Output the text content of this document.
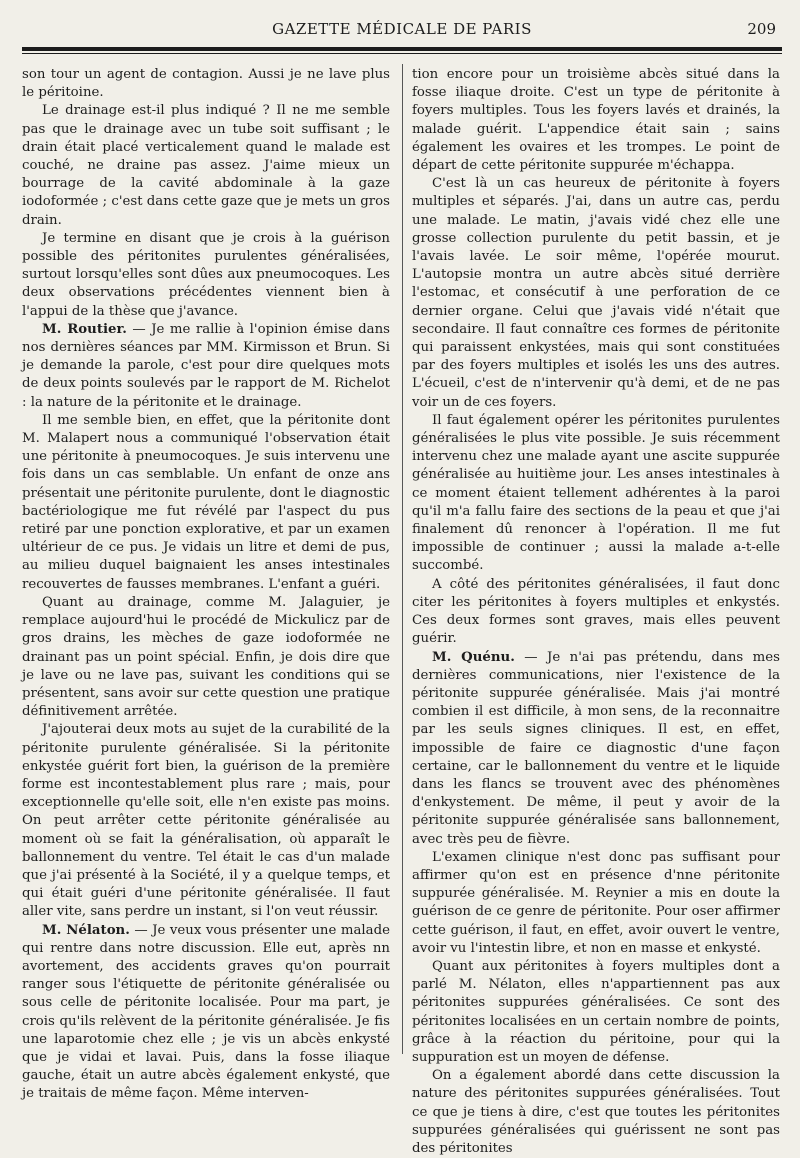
GAZETTE MÉDICALE DE PARIS	209

son tour un agent de contagion. Aussi je ne lave plus le péritoine.

Le drainage est-il plus indiqué ? Il ne me semble pas que le drainage avec un tube soit suffisant ; le drain était placé verticalement quand le malade est couché, ne draine pas assez. J'aime mieux un bourrage de la cavité abdominale à la gaze iodoformée ; c'est dans cette gaze que je mets un gros drain.

Je termine en disant que je crois à la guérison possible des péritonites purulentes généralisées, surtout lorsqu'elles sont dûes aux pneumocoques. Les deux observations précédentes viennent bien à l'appui de la thèse que j'avance.

M. Routier. — Je me rallie à l'opinion émise dans nos dernières séances par MM. Kirmisson et Brun. Si je demande la parole, c'est pour dire quelques mots de deux points soulevés par le rapport de M. Richelot : la nature de la péritonite et le drainage.

Il me semble bien, en effet, que la péritonite dont M. Malapert nous a communiqué l'observation était une péritonite à pneumocoques. Je suis intervenu une fois dans un cas semblable. Un enfant de onze ans présentait une péritonite purulente, dont le diagnostic bactériologique me fut révélé par l'aspect du pus retiré par une ponction explorative, et par un examen ultérieur de ce pus. Je vidais un litre et demi de pus, au milieu duquel baignaient les anses intestinales recouvertes de fausses membranes. L'enfant a guéri.

Quant au drainage, comme M. Jalaguier, je remplace aujourd'hui le procédé de Mickulicz par de gros drains, les mèches de gaze iodoformée ne drainant pas un point spécial. Enfin, je dois dire que je lave ou ne lave pas, suivant les conditions qui se présentent, sans avoir sur cette question une pratique définitivement arrêtée.

J'ajouterai deux mots au sujet de la curabilité de la péritonite purulente généralisée. Si la péritonite enkystée guérit fort bien, la guérison de la première forme est incontestablement plus rare ; mais, pour exceptionnelle qu'elle soit, elle n'en existe pas moins. On peut arrêter cette péritonite généralisée au moment où se fait la généralisation, où apparaît le ballonnement du ventre. Tel était le cas d'un malade que j'ai présenté à la Société, il y a quelque temps, et qui était guéri d'une péritonite généralisée. Il faut aller vite, sans perdre un instant, si l'on veut réussir.

M. Nélaton. — Je veux vous présenter une malade qui rentre dans notre discussion. Elle eut, après nn avortement, des accidents graves qu'on pourrait ranger sous l'étiquette de péritonite généralisée ou sous celle de péritonite localisée. Pour ma part, je crois qu'ils relèvent de la péritonite généralisée. Je fis une laparotomie chez elle ; je vis un abcès enkysté que je vidai et lavai. Puis, dans la fosse iliaque gauche, était un autre abcès également enkysté, que je traitais de même façon. Même interven-

tion encore pour un troisième abcès situé dans la fosse iliaque droite. C'est un type de péritonite à foyers multiples. Tous les foyers lavés et drainés, la malade guérit. L'appendice était sain ; sains également les ovaires et les trompes. Le point de départ de cette péritonite suppurée m'échappa.

C'est là un cas heureux de péritonite à foyers multiples et séparés. J'ai, dans un autre cas, perdu une malade. Le matin, j'avais vidé chez elle une grosse collection purulente du petit bassin, et je l'avais lavée. Le soir même, l'opérée mourut. L'autopsie montra un autre abcès situé derrière l'estomac, et consécutif à une perforation de ce dernier organe. Celui que j'avais vidé n'était que secondaire. Il faut connaître ces formes de péritonite qui paraissent enkystées, mais qui sont constituées par des foyers multiples et isolés les uns des autres. L'écueil, c'est de n'intervenir qu'à demi, et de ne pas voir un de ces foyers.

Il faut également opérer les péritonites purulentes généralisées le plus vite possible. Je suis récemment intervenu chez une malade ayant une ascite suppurée généralisée au huitième jour. Les anses intestinales à ce moment étaient tellement adhérentes à la paroi qu'il m'a fallu faire des sections de la peau et que j'ai finalement dû renoncer à l'opération. Il me fut impossible de continuer ; aussi la malade a-t-elle succombé.

A côté des péritonites généralisées, il faut donc citer les péritonites à foyers multiples et enkystés. Ces deux formes sont graves, mais elles peuvent guérir.

M. Quénu. — Je n'ai pas prétendu, dans mes dernières communications, nier l'existence de la péritonite suppurée généralisée. Mais j'ai montré combien il est difficile, à mon sens, de la reconnaitre par les seuls signes cliniques. Il est, en effet, impossible de faire ce diagnostic d'une façon certaine, car le ballonnement du ventre et le liquide dans les flancs se trouvent avec des phénomènes d'enkystement. De même, il peut y avoir de la péritonite suppurée généralisée sans ballonnement, avec très peu de fièvre.

L'examen clinique n'est donc pas suffisant pour affirmer qu'on est en présence d'nne péritonite suppurée généralisée. M. Reynier a mis en doute la guérison de ce genre de péritonite. Pour oser affirmer cette guérison, il faut, en effet, avoir ouvert le ventre, avoir vu l'intestin libre, et non en masse et enkysté.

Quant aux péritonites à foyers multiples dont a parlé M. Nélaton, elles n'appartiennent pas aux péritonites suppurées généralisées. Ce sont des péritonites localisées en un certain nombre de points, grâce à la réaction du péritoine, pour qui la suppuration est un moyen de défense.

On a également abordé dans cette discussion la nature des péritonites suppurées généralisées. Tout ce que je tiens à dire, c'est que toutes les péritonites suppurées généralisées qui guérissent ne sont pas des péritonites
